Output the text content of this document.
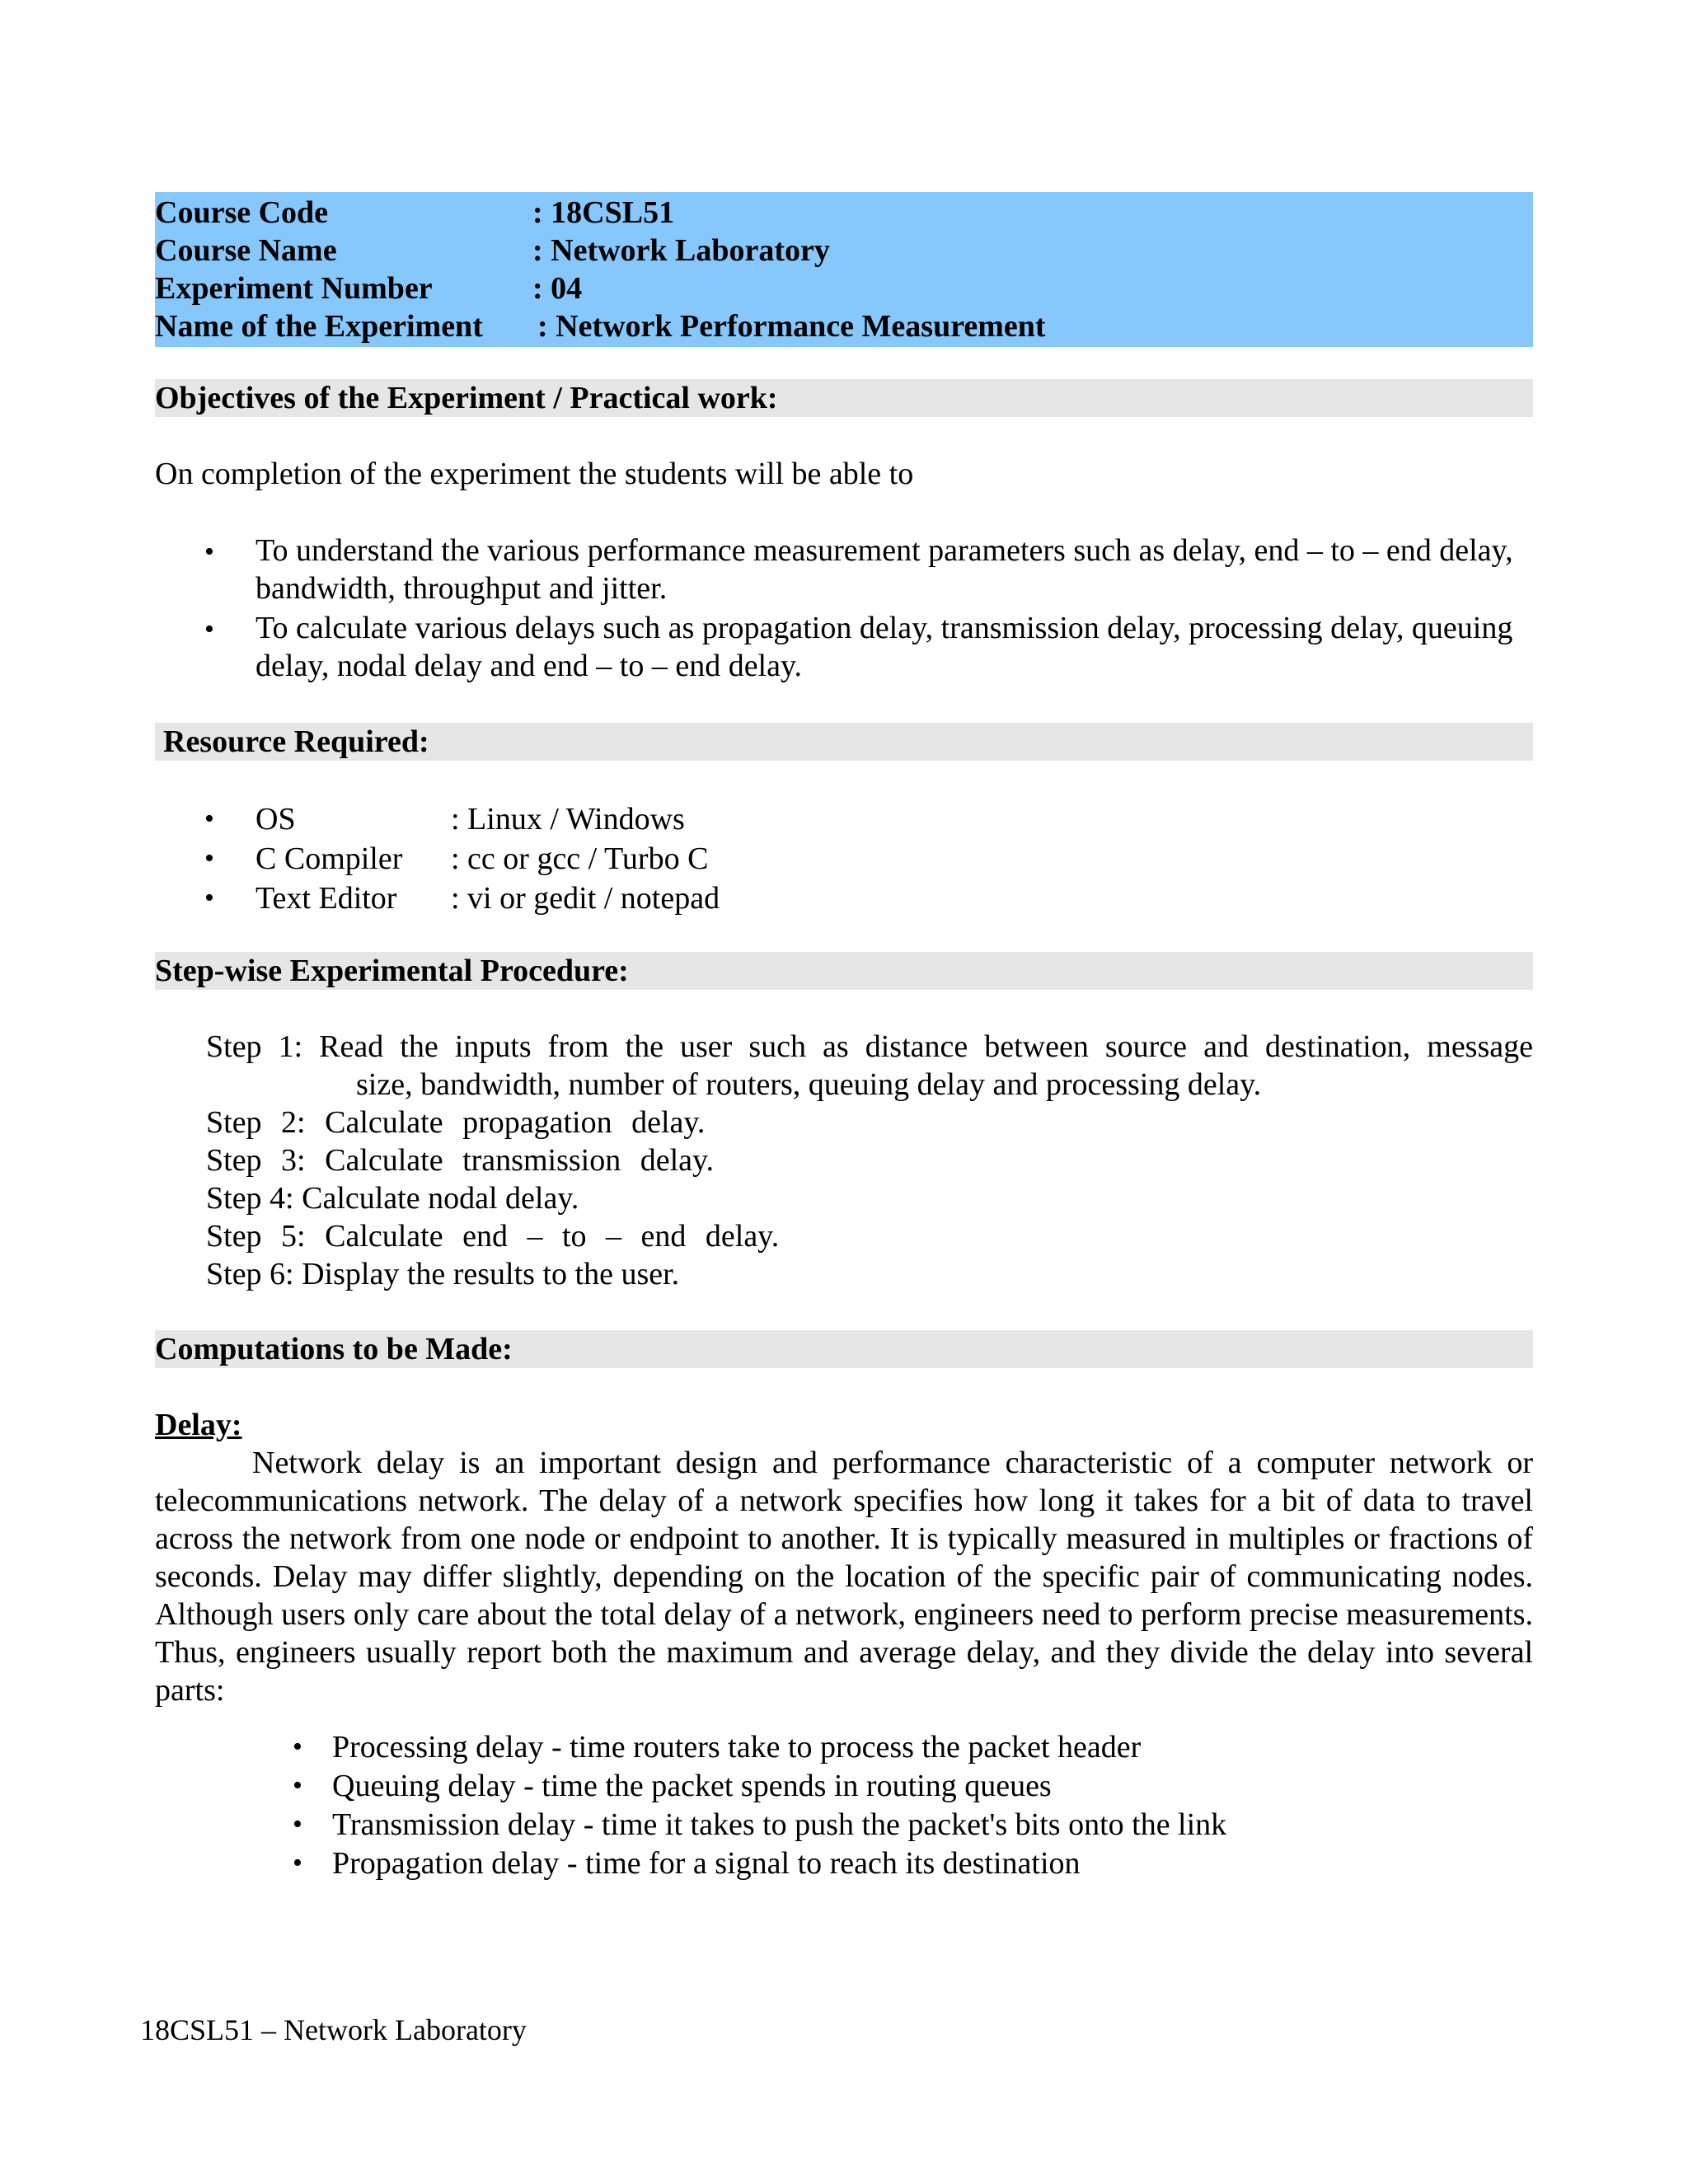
Course Code	: 18CSL51
Course Name	: Network Laboratory
Experiment Number	: 04
Name of the Experiment	: Network Performance Measurement
Objectives of the Experiment / Practical work:
On completion of the experiment the students will be able to
• To understand the various performance measurement parameters such as delay, end – to – end delay, bandwidth, throughput and jitter.
• To calculate various delays such as propagation delay, transmission delay, processing delay, queuing delay, nodal delay and end – to – end delay.
Resource Required:
• OS	: Linux / Windows
• C Compiler	: cc or gcc / Turbo C
• Text Editor	: vi or gedit / notepad
Step-wise Experimental Procedure:
Step 1: Read the inputs from the user such as distance between source and destination, message
size, bandwidth, number of routers, queuing delay and processing delay.
Step 2: Calculate propagation delay.
Step 3: Calculate transmission delay.
Step 4: Calculate nodal delay.
Step 5: Calculate end – to – end delay.
Step 6: Display the results to the user.
Computations to be Made:
Delay:
Network delay is an important design and performance characteristic of a computer network or telecommunications network. The delay of a network specifies how long it takes for a bit of data to travel across the network from one node or endpoint to another. It is typically measured in multiples or fractions of seconds. Delay may differ slightly, depending on the location of the specific pair of communicating nodes. Although users only care about the total delay of a network, engineers need to perform precise measurements. Thus, engineers usually report both the maximum and average delay, and they divide the delay into several parts:
• Processing delay - time routers take to process the packet header
• Queuing delay - time the packet spends in routing queues
• Transmission delay - time it takes to push the packet's bits onto the link
• Propagation delay - time for a signal to reach its destination
18CSL51 – Network Laboratory
